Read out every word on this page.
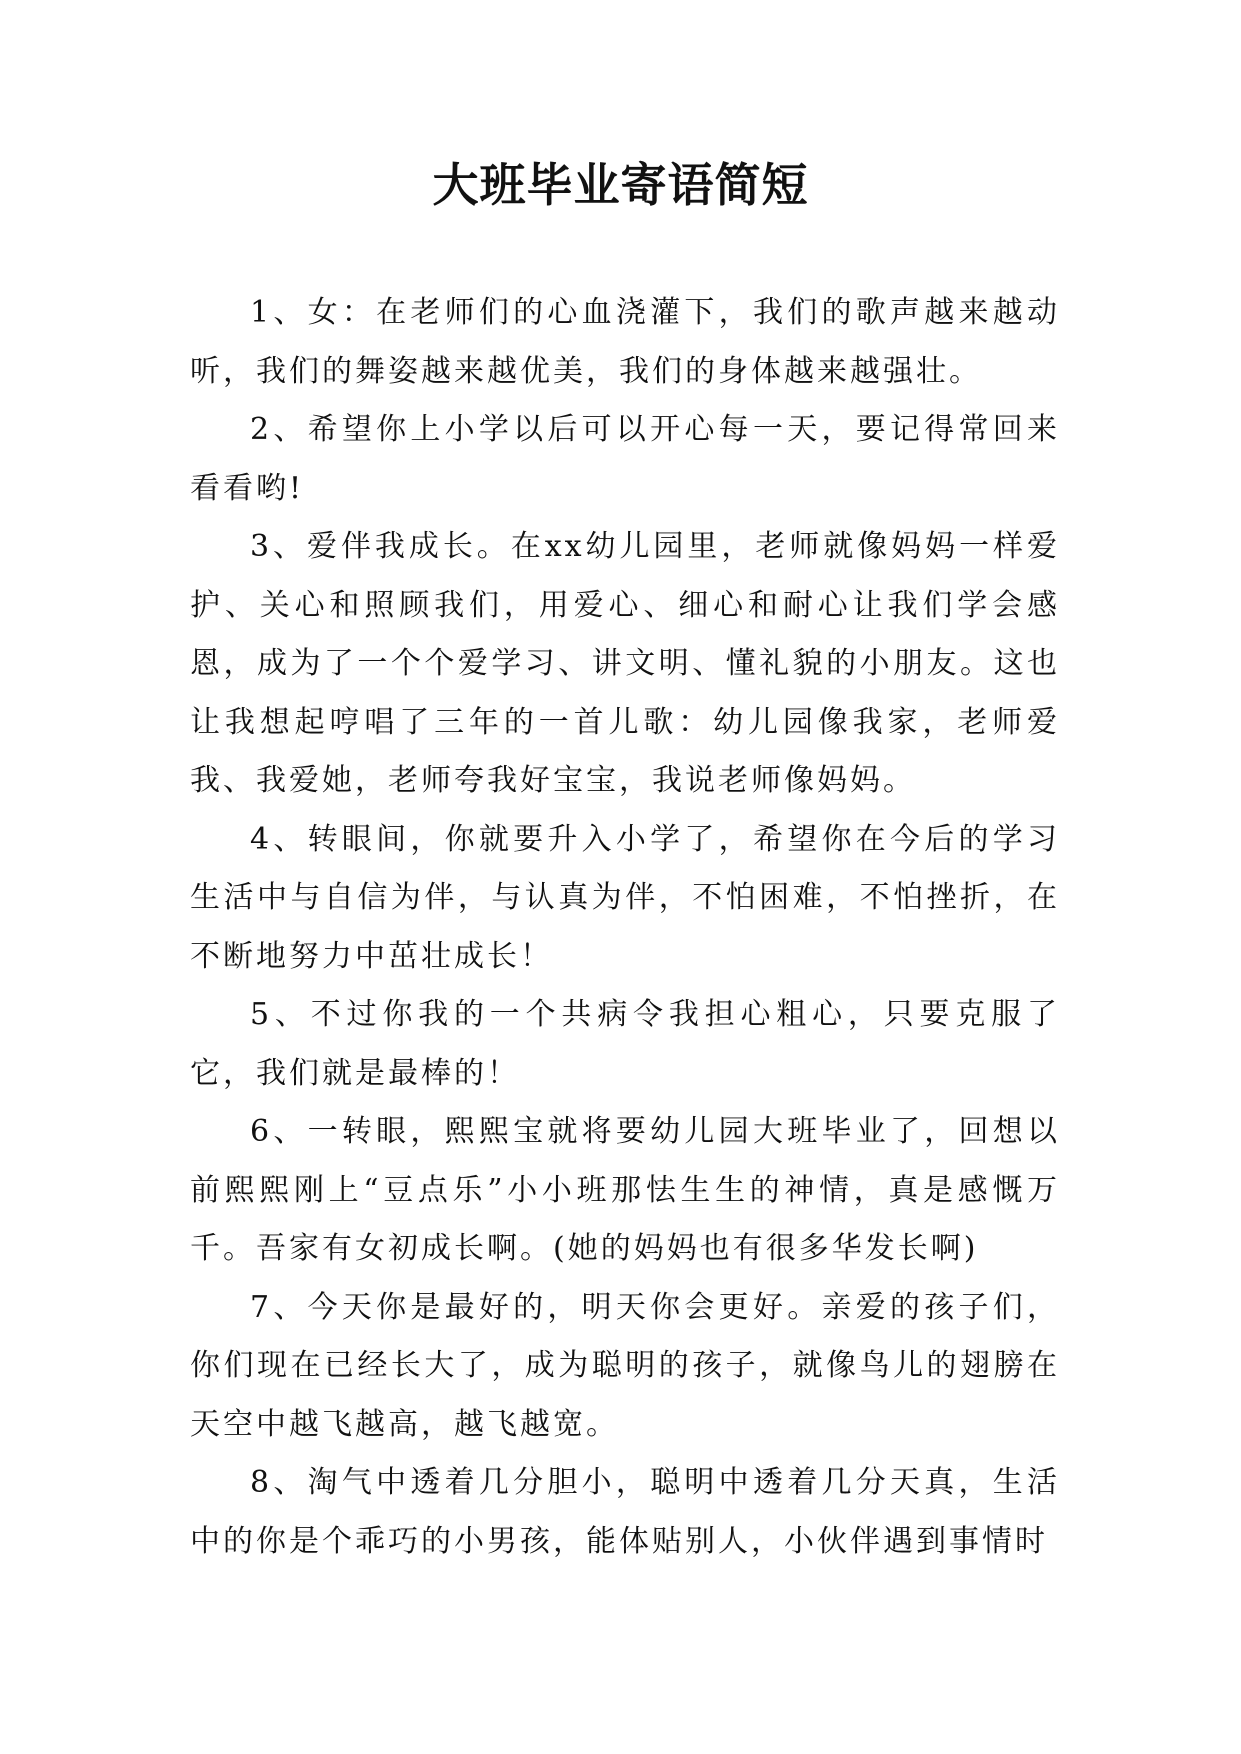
大班毕业寄语简短

1、女：在老师们的心血浇灌下，我们的歌声越来越动听，我们的舞姿越来越优美，我们的身体越来越强壮。

2、希望你上小学以后可以开心每一天，要记得常回来看看哟!

3、爱伴我成长。在xx幼儿园里，老师就像妈妈一样爱护、关心和照顾我们，用爱心、细心和耐心让我们学会感恩，成为了一个个爱学习、讲文明、懂礼貌的小朋友。这也让我想起哼唱了三年的一首儿歌：幼儿园像我家，老师爱我、我爱她，老师夸我好宝宝，我说老师像妈妈。

4、转眼间，你就要升入小学了，希望你在今后的学习生活中与自信为伴，与认真为伴，不怕困难，不怕挫折，在不断地努力中茁壮成长！

5、不过你我的一个共病令我担心粗心，只要克服了它，我们就是最棒的！

6、一转眼，熙熙宝就将要幼儿园大班毕业了，回想以前熙熙刚上“豆点乐”小小班那怯生生的神情，真是感慨万千。吾家有女初成长啊。(她的妈妈也有很多华发长啊)

7、今天你是最好的，明天你会更好。亲爱的孩子们，你们现在已经长大了，成为聪明的孩子，就像鸟儿的翅膀在天空中越飞越高，越飞越宽。

8、淘气中透着几分胆小，聪明中透着几分天真，生活中的你是个乖巧的小男孩，能体贴别人，小伙伴遇到事情时
